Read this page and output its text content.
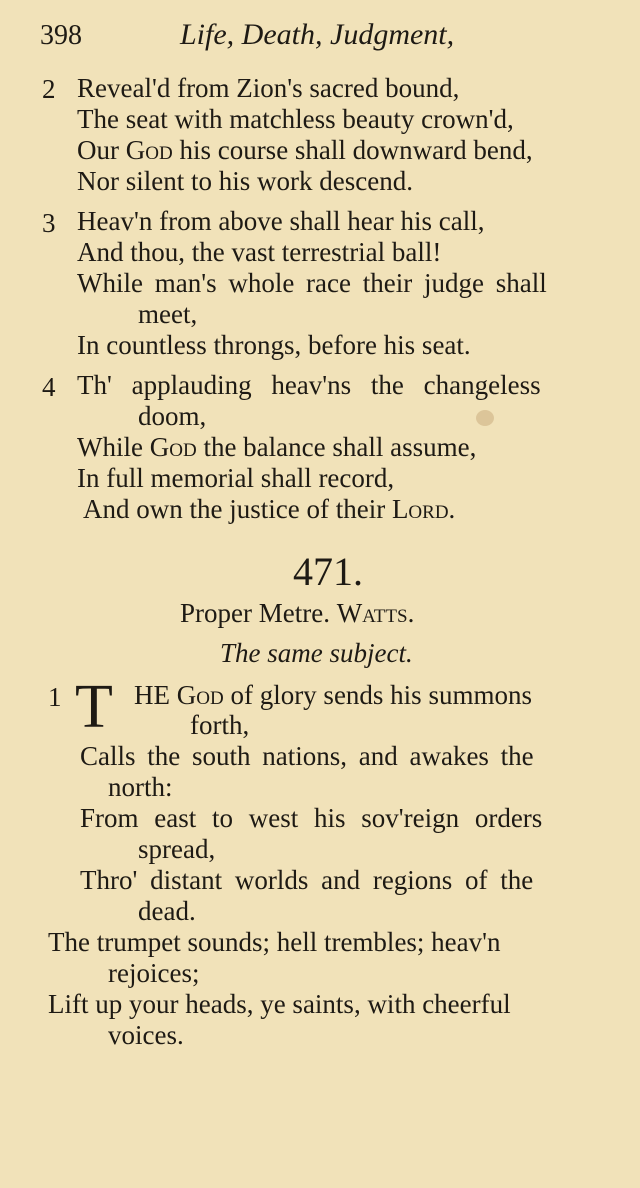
398	Life, Death, Judgment,
2 Reveal'd from Zion's sacred bound,
The seat with matchless beauty crown'd,
Our God his course shall downward bend,
Nor silent to his work descend.
3 Heav'n from above shall hear his call,
And thou, the vast terrestrial ball!
While man's whole race their judge shall
meet,
In countless throngs, before his seat.
4 Th' applauding heav'ns the changeless
doom,
While God the balance shall assume,
In full memorial shall record,
And own the justice of their Lord.
471.
Proper Metre. Watts.
The same subject.
1 T HE God of glory sends his summons
forth,
Calls the south nations, and awakes the
north:
From east to west his sov'reign orders
spread,
Thro' distant worlds and regions of the
dead.
The trumpet sounds; hell trembles; heav'n
rejoices;
Lift up your heads, ye saints, with cheerful
voices.
